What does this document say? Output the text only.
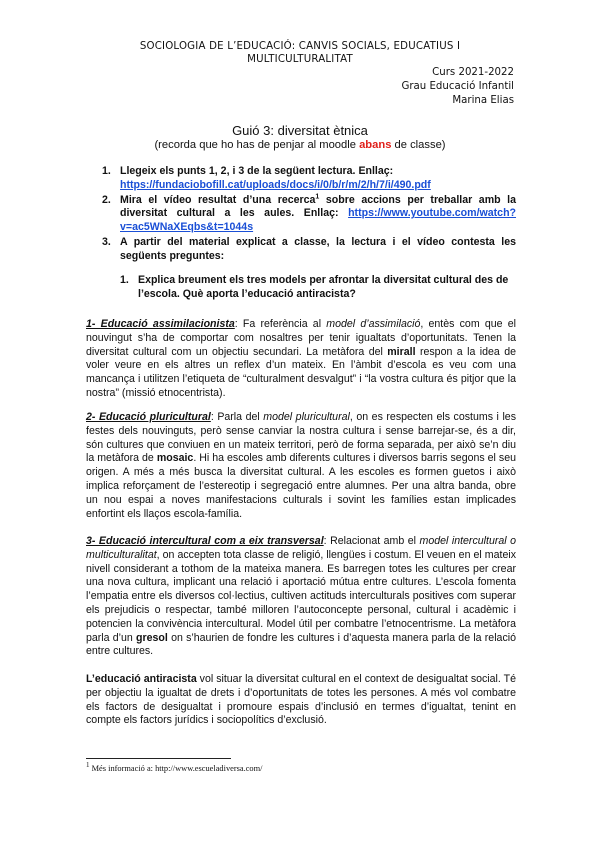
SOCIOLOGIA DE L’EDUCACIÓ: CANVIS SOCIALS, EDUCATIUS I
MULTICULTURALITAT
Curs 2021-2022
Grau Educació Infantil
Marina Elias
Guió 3: diversitat ètnica
(recorda que ho has de penjar al moodle abans de classe)
1. Llegeix els punts 1, 2, i 3 de la següent lectura. Enllaç:
https://fundaciobofill.cat/uploads/docs/i/0/b/r/m/2/h/7/i/490.pdf
2. Mira el vídeo resultat d’una recerca$^1$ sobre accions per treballar amb la diversitat cultural a les aules. Enllaç: https://www.youtube.com/watch?v=ac5WNaXEqbs&t=1044s
3. A partir del material explicat a classe, la lectura i el vídeo contesta les següents preguntes:
1. Explica breument els tres models per afrontar la diversitat cultural des de l’escola. Què aporta l’educació antiracista?
1- Educació assimilacionista: Fa referència al model d’assimilació, entès com que el nouvingut s’ha de comportar com nosaltres per tenir igualtats d’oportunitats. Tenen la diversitat cultural com un objectiu secundari. La metàfora del mirall respon a la idea de voler veure en els altres un reflex d’un mateix. En l’àmbit d’escola es veu com una mancança i utilitzen l’etiqueta de “culturalment desvalgut” i “la vostra cultura és pitjor que la nostra” (missió etnocentrista).
2- Educació pluricultural: Parla del model pluricultural, on es respecten els costums i les festes dels nouvinguts, però sense canviar la nostra cultura i sense barrejar-se, és a dir, són cultures que conviuen en un mateix territori, però de forma separada, per això se’n diu la metàfora de mosaic. Hi ha escoles amb diferents cultures i diversos barris segons el seu origen. A més a més busca la diversitat cultural. A les escoles es formen guetos i això implica reforçament de l’estereotip i segregació entre alumnes. Per una altra banda, obre un nou espai a noves manifestacions culturals i sovint les famílies estan implicades enfortint els llaços escola-família.
3- Educació intercultural com a eix transversal: Relacionat amb el model intercultural o multiculturalitat, on accepten tota classe de religió, llengües i costum. El veuen en el mateix nivell considerant a tothom de la mateixa manera. Es barregen totes les cultures per crear una nova cultura, implicant una relació i aportació mútua entre cultures. L’escola fomenta l’empatia entre els diversos col·lectius, cultiven actituds interculturals positives com superar els prejudicis o respectar, també milloren l’autoconcepte personal, cultural i acadèmic i potencien la convivència intercultural. Model útil per combatre l’etnocentrisme. La metàfora parla d’un gresol on s’haurien de fondre les cultures i d’aquesta manera parla de la relació entre cultures.
L’educació antiracista vol situar la diversitat cultural en el context de desigualtat social. Té per objectiu la igualtat de drets i d’oportunitats de totes les persones. A més vol combatre els factors de desigualtat i promoure espais d’inclusió en termes d’igualtat, tenint en compte els factors jurídics i sociopolítics d’exclusió.
$^1$ Més informació a: http://www.escueladiversa.com/
